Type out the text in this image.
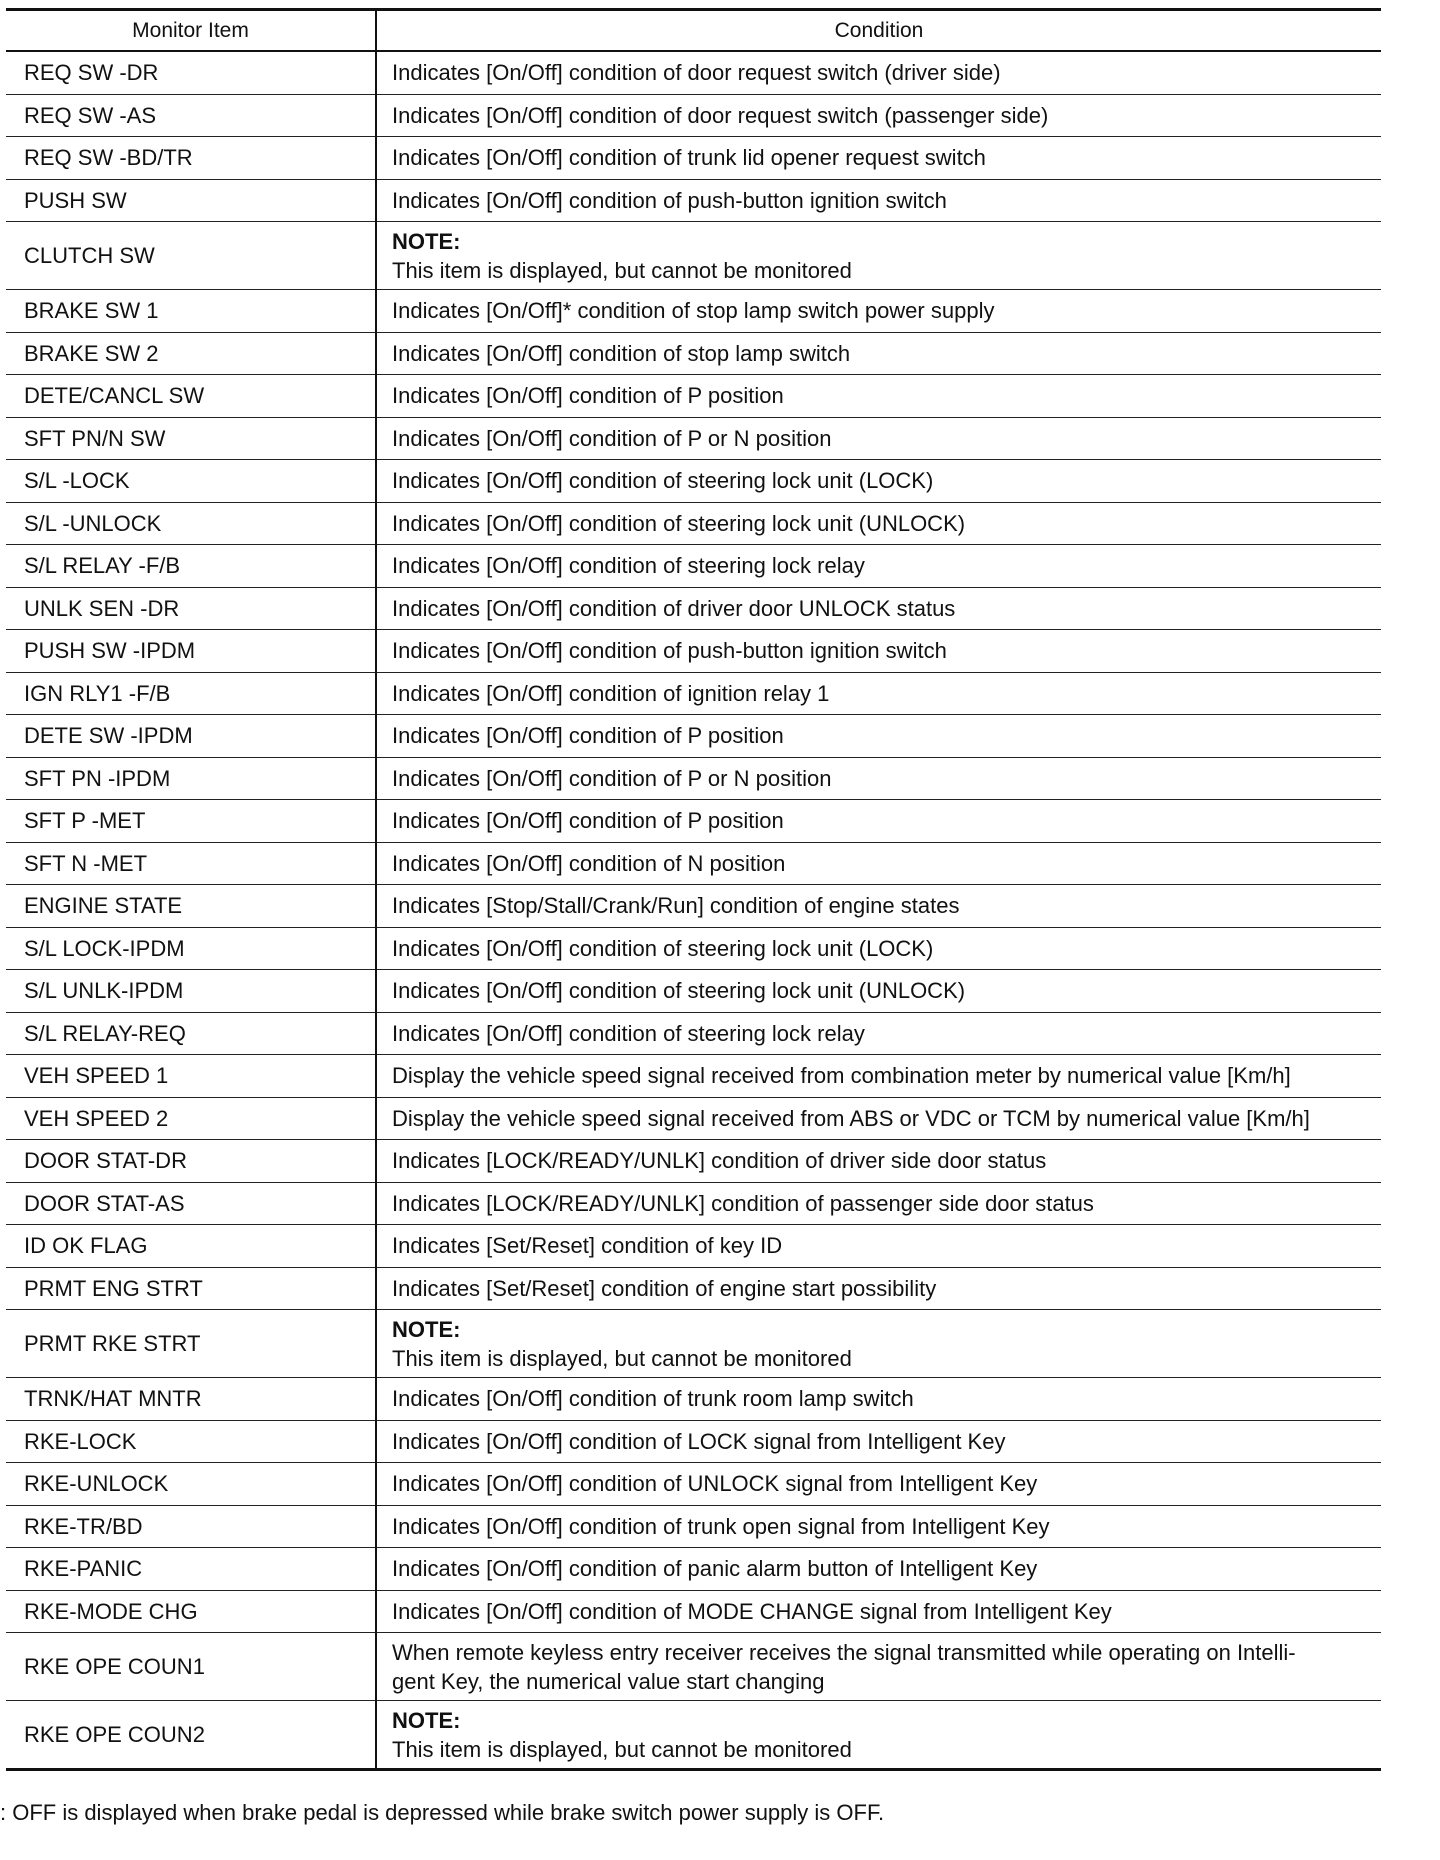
Monitor Item	Condition
REQ SW -DR	Indicates [On/Off] condition of door request switch (driver side)
REQ SW -AS	Indicates [On/Off] condition of door request switch (passenger side)
REQ SW -BD/TR	Indicates [On/Off] condition of trunk lid opener request switch
PUSH SW	Indicates [On/Off] condition of push-button ignition switch
CLUTCH SW	NOTE:
This item is displayed, but cannot be monitored

BRAKE SW 1	Indicates [On/Off]* condition of stop lamp switch power supply
BRAKE SW 2	Indicates [On/Off] condition of stop lamp switch
DETE/CANCL SW	Indicates [On/Off] condition of P position
SFT PN/N SW	Indicates [On/Off] condition of P or N position
S/L -LOCK	Indicates [On/Off] condition of steering lock unit (LOCK)
S/L -UNLOCK	Indicates [On/Off] condition of steering lock unit (UNLOCK)
S/L RELAY -F/B	Indicates [On/Off] condition of steering lock relay
UNLK SEN -DR	Indicates [On/Off] condition of driver door UNLOCK status
PUSH SW -IPDM	Indicates [On/Off] condition of push-button ignition switch
IGN RLY1 -F/B	Indicates [On/Off] condition of ignition relay 1
DETE SW -IPDM	Indicates [On/Off] condition of P position
SFT PN -IPDM	Indicates [On/Off] condition of P or N position
SFT P -MET	Indicates [On/Off] condition of P position
SFT N -MET	Indicates [On/Off] condition of N position
ENGINE STATE	Indicates [Stop/Stall/Crank/Run] condition of engine states
S/L LOCK-IPDM	Indicates [On/Off] condition of steering lock unit (LOCK)
S/L UNLK-IPDM	Indicates [On/Off] condition of steering lock unit (UNLOCK)
S/L RELAY-REQ	Indicates [On/Off] condition of steering lock relay
VEH SPEED 1	Display the vehicle speed signal received from combination meter by numerical value [Km/h]
VEH SPEED 2	Display the vehicle speed signal received from ABS or VDC or TCM by numerical value [Km/h]
DOOR STAT-DR	Indicates [LOCK/READY/UNLK] condition of driver side door status
DOOR STAT-AS	Indicates [LOCK/READY/UNLK] condition of passenger side door status
ID OK FLAG	Indicates [Set/Reset] condition of key ID
PRMT ENG STRT	Indicates [Set/Reset] condition of engine start possibility
PRMT RKE STRT	NOTE:
This item is displayed, but cannot be monitored

TRNK/HAT MNTR	Indicates [On/Off] condition of trunk room lamp switch
RKE-LOCK	Indicates [On/Off] condition of LOCK signal from Intelligent Key
RKE-UNLOCK	Indicates [On/Off] condition of UNLOCK signal from Intelligent Key
RKE-TR/BD	Indicates [On/Off] condition of trunk open signal from Intelligent Key
RKE-PANIC	Indicates [On/Off] condition of panic alarm button of Intelligent Key
RKE-MODE CHG	Indicates [On/Off] condition of MODE CHANGE signal from Intelligent Key
RKE OPE COUN1	When remote keyless entry receiver receives the signal transmitted while operating on Intelli-
gent Key, the numerical value start changing

RKE OPE COUN2	NOTE:
This item is displayed, but cannot be monitored
: OFF is displayed when brake pedal is depressed while brake switch power supply is OFF.
